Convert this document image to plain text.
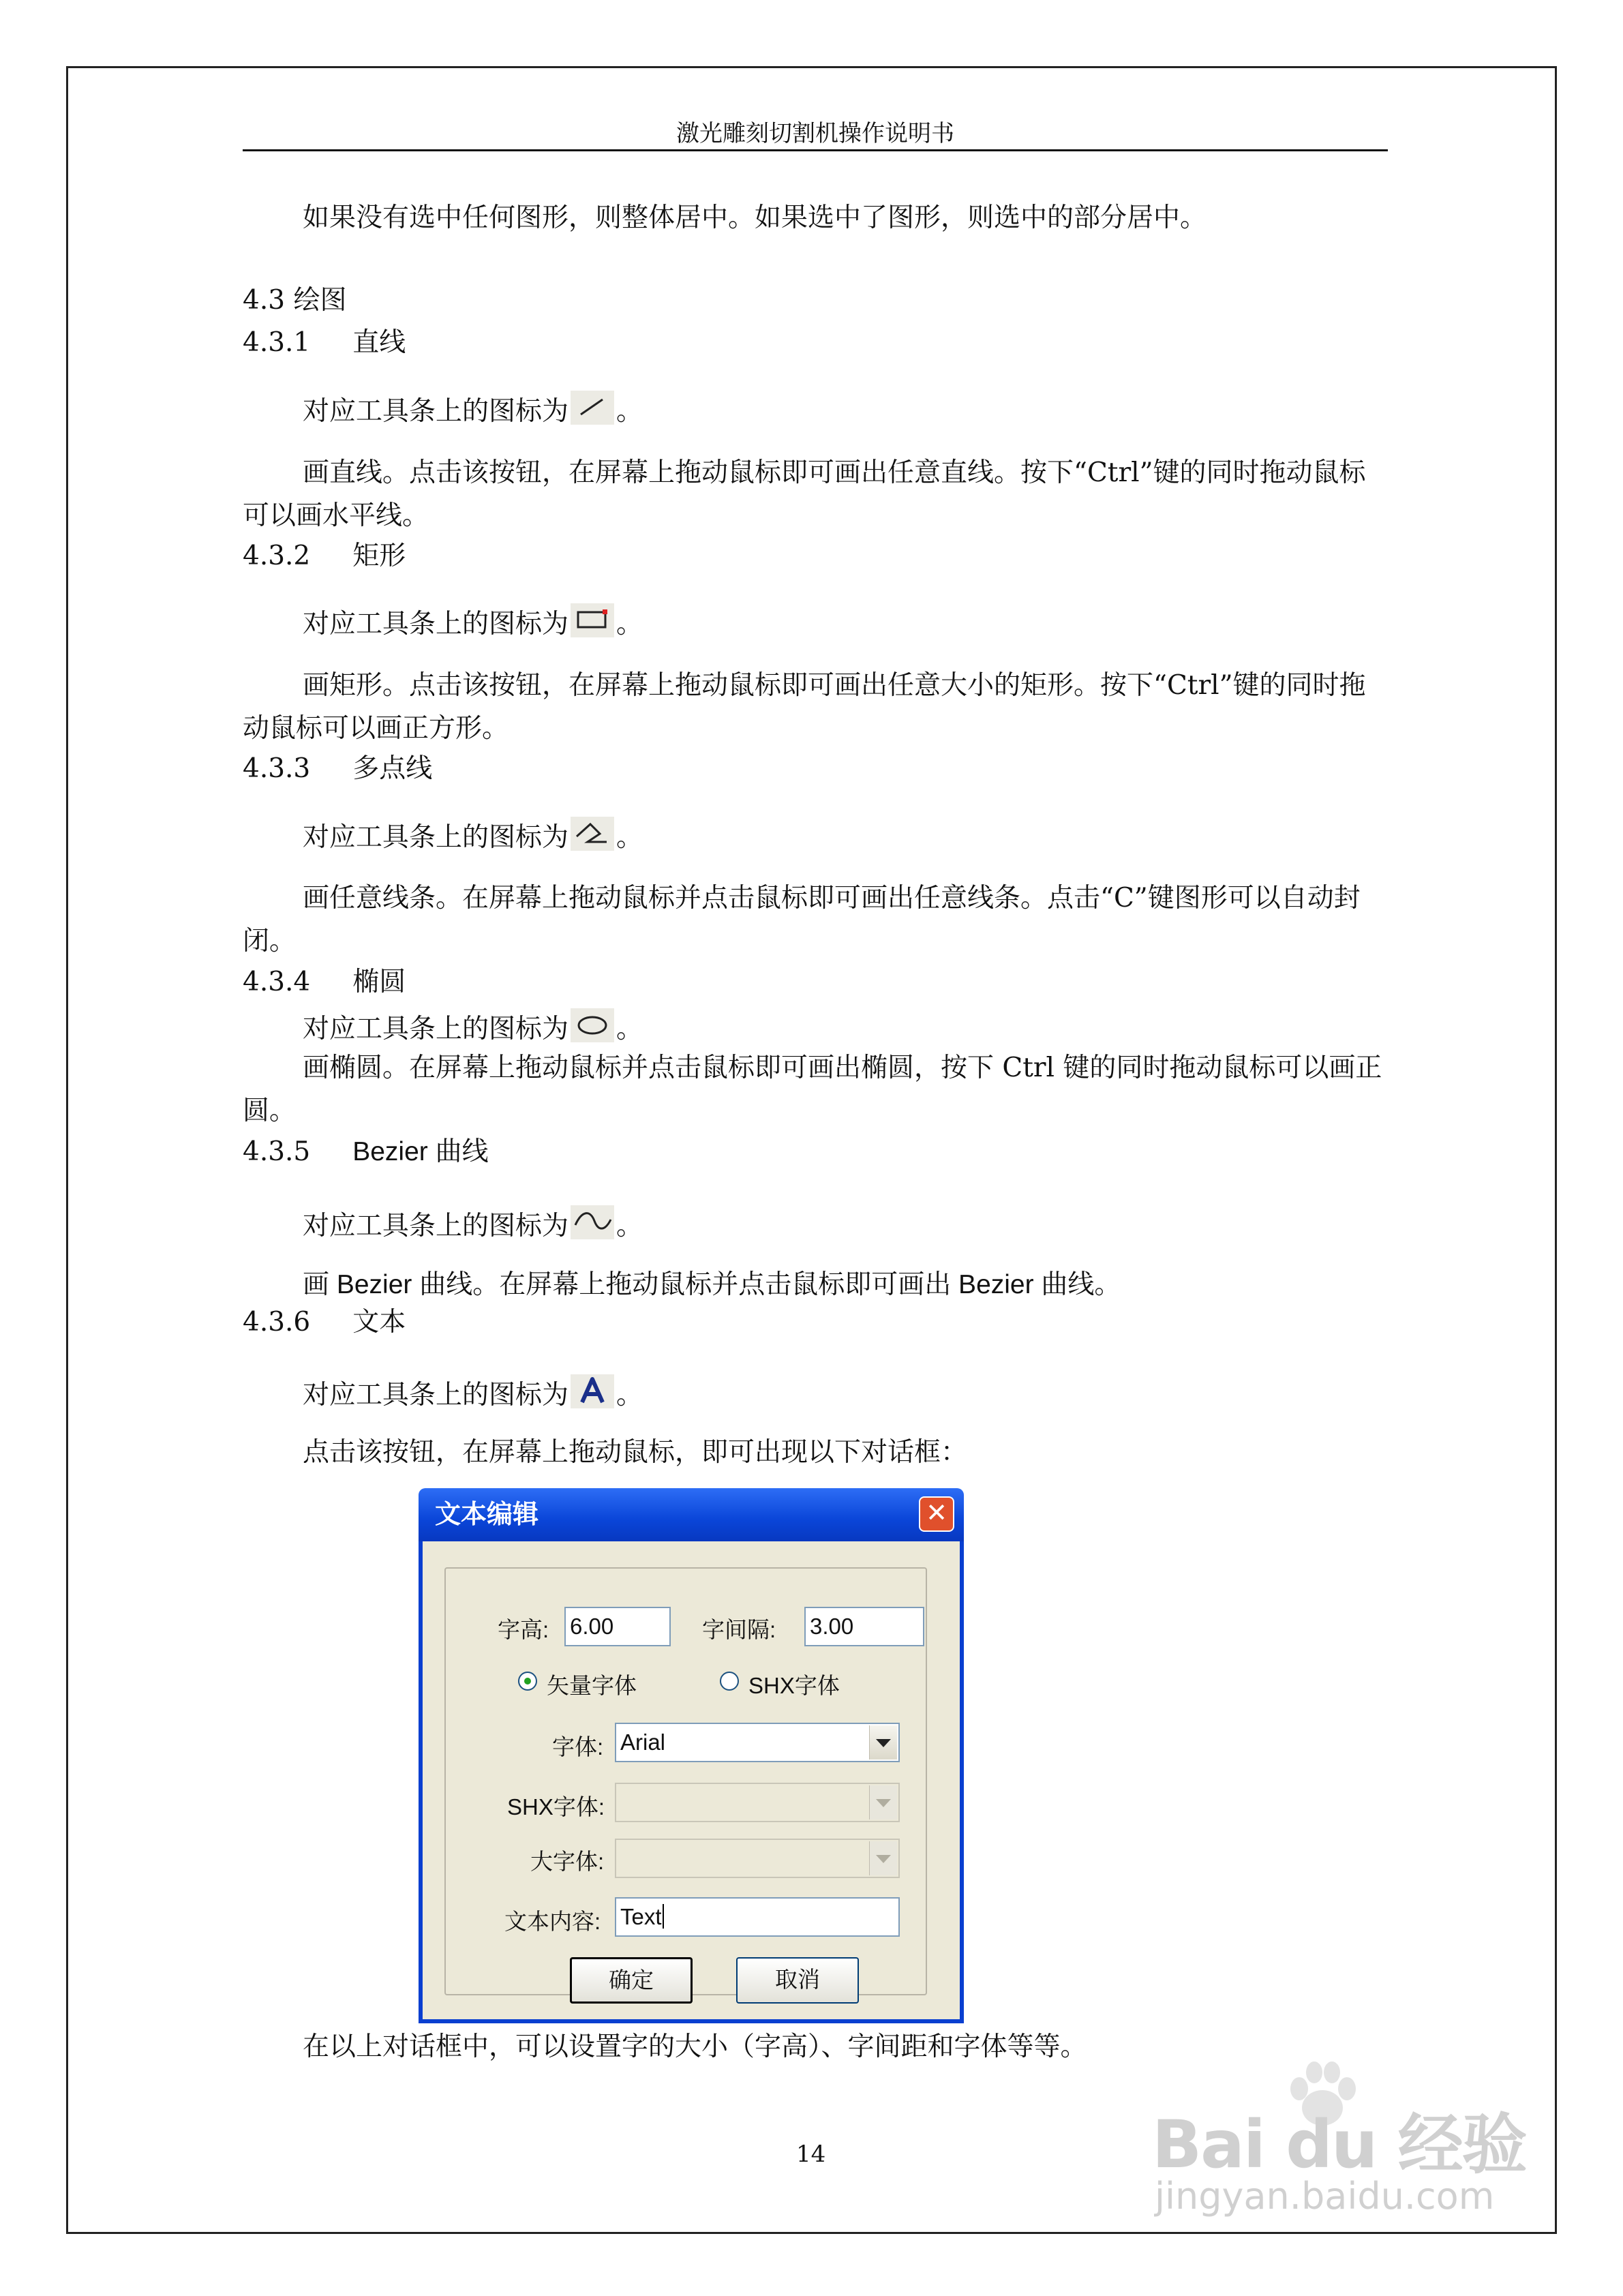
激光雕刻切割机操作说明书
如果没有选中任何图形，则整体居中。如果选中了图形，则选中的部分居中。
4.3 绘图
4.3.1 直线
对应工具条上的图标为 。
画直线。点击该按钮，在屏幕上拖动鼠标即可画出任意直线。按下“Ctrl”键的同时拖动鼠标可以画水平线。
4.3.2 矩形
对应工具条上的图标为 。
画矩形。点击该按钮，在屏幕上拖动鼠标即可画出任意大小的矩形。按下“Ctrl”键的同时拖动鼠标可以画正方形。
4.3.3 多点线
对应工具条上的图标为 。
画任意线条。在屏幕上拖动鼠标并点击鼠标即可画出任意线条。点击“C”键图形可以自动封闭。
4.3.4 椭圆
对应工具条上的图标为 。
画椭圆。在屏幕上拖动鼠标并点击鼠标即可画出椭圆，按下 Ctrl 键的同时拖动鼠标可以画正圆。
4.3.5 Bezier 曲线
对应工具条上的图标为 。
画 Bezier 曲线。在屏幕上拖动鼠标并点击鼠标即可画出 Bezier 曲线。
4.3.6 文本
对应工具条上的图标为 。
点击该按钮，在屏幕上拖动鼠标，即可出现以下对话框：
文本编辑	✕
字高: 6.00	字间隔: 3.00
矢量字体	SHX字体
字体: Arial
SHX字体:
大字体:
文本内容: Text
确定	取消
在以上对话框中，可以设置字的大小（字高）、字间距和字体等等。
14	Bai du 经验
jingyan.baidu.com
